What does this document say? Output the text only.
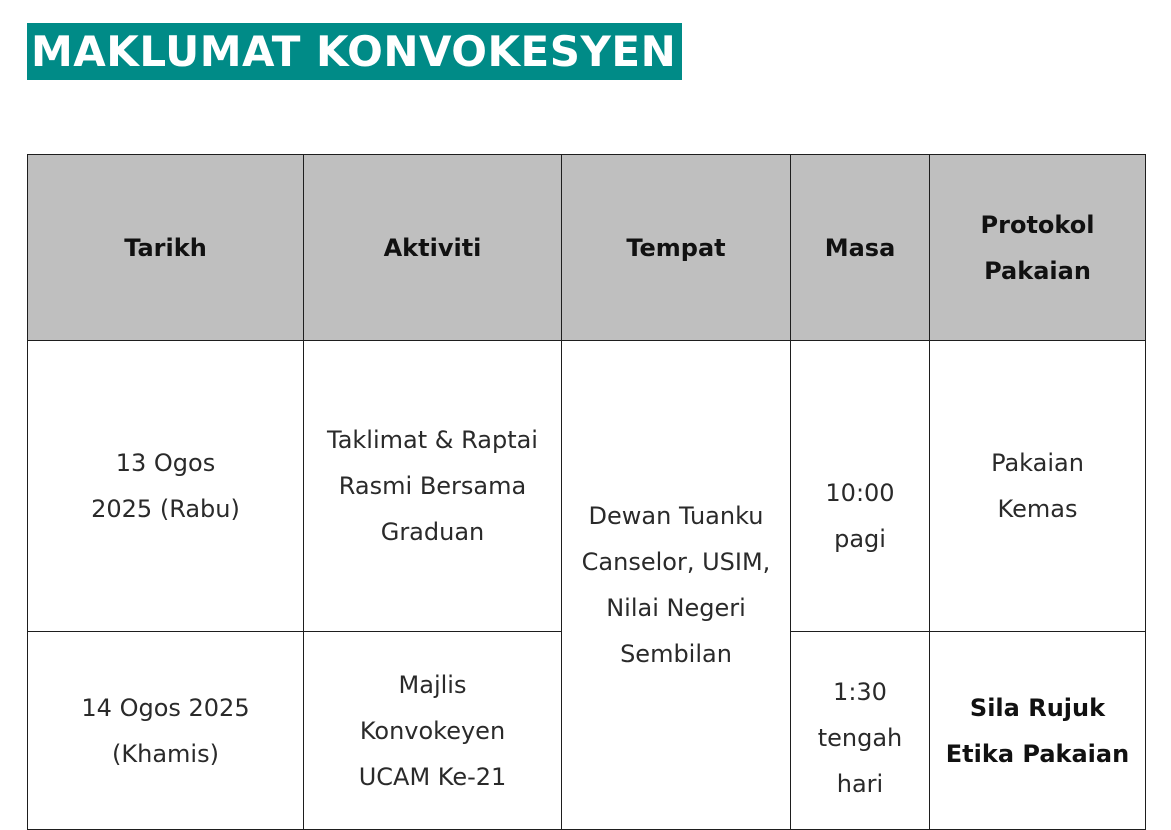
MAKLUMAT KONVOKESYEN
Tarikh	Aktiviti	Tempat	Masa	Protokol Pakaian
13 Ogos 2025 (Rabu)	Taklimat & Raptai Rasmi Bersama Graduan	Dewan Tuanku Canselor, USIM, Nilai Negeri Sembilan	10:00 pagi	Pakaian Kemas
14 Ogos 2025 (Khamis)	Majlis Konvokeyen UCAM Ke-21		1:30 tengah hari	Sila Rujuk Etika Pakaian
